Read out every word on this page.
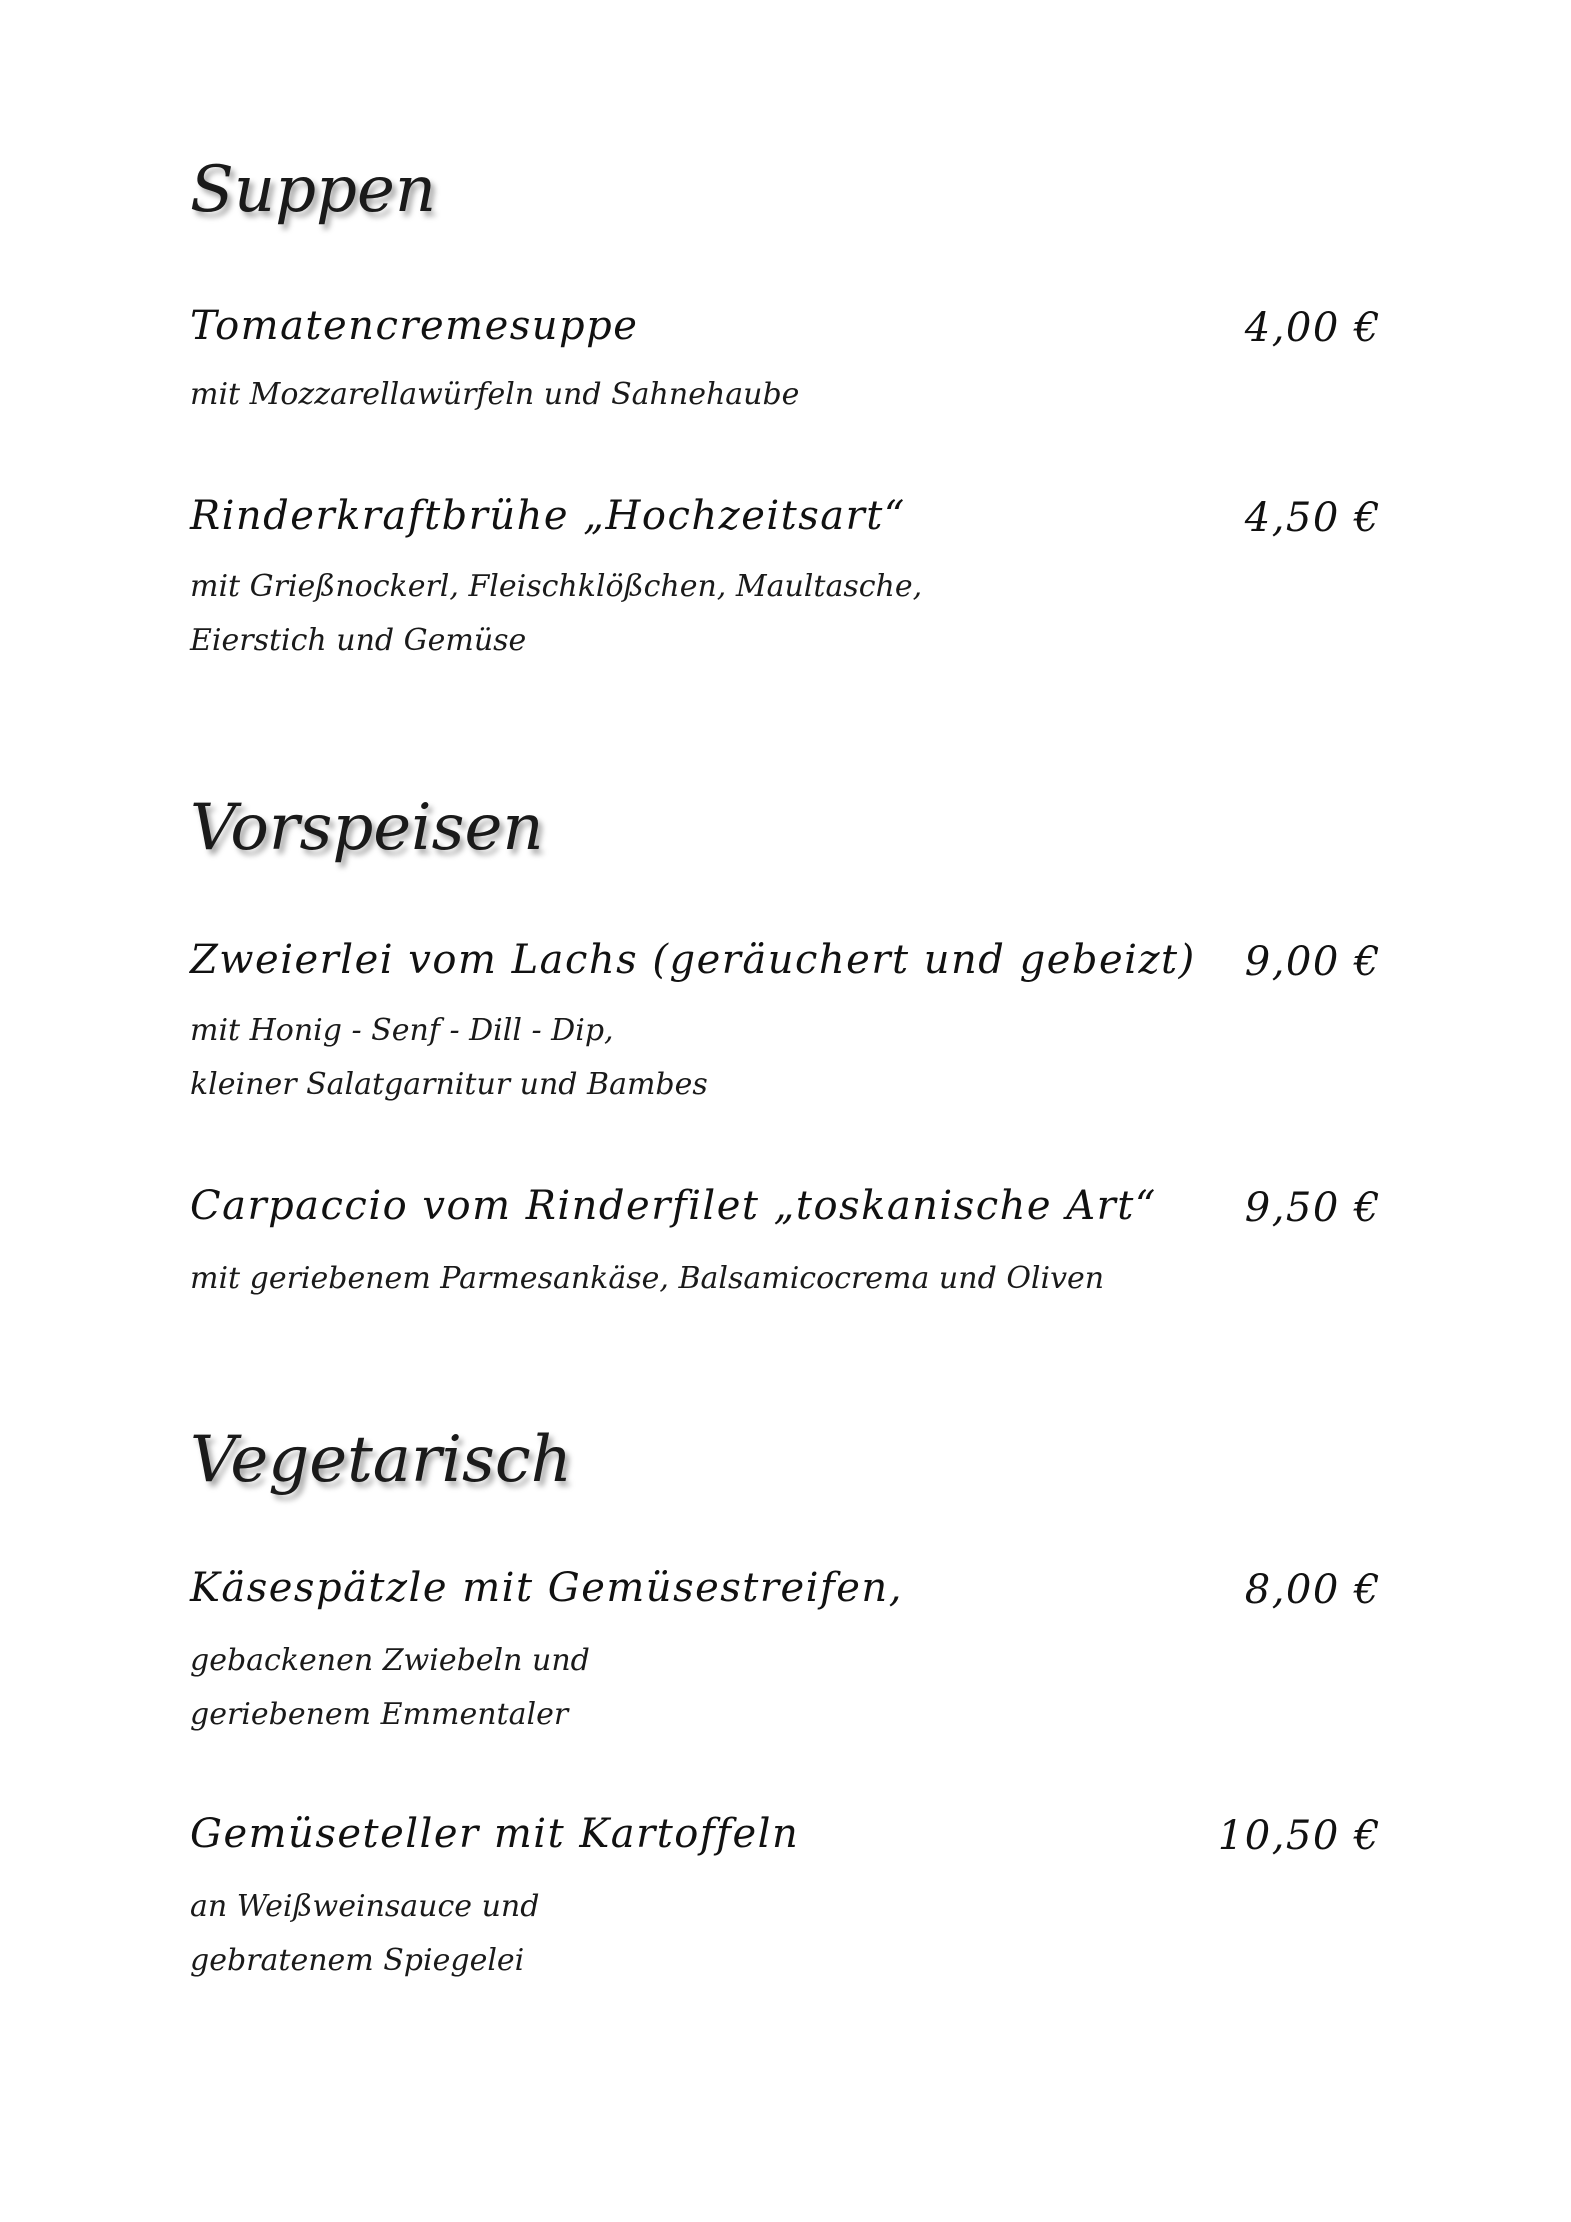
Suppen
Tomatencremesuppe	4,00 €
mit Mozzarellawürfeln und Sahnehaube
Rinderkraftbrühe „Hochzeitsart“	4,50 €
mit Grießnockerl, Fleischklößchen, Maultasche,
Eierstich und Gemüse
Vorspeisen
Zweierlei vom Lachs (geräuchert und gebeizt) 9,00 €
mit Honig - Senf - Dill - Dip,
kleiner Salatgarnitur und Bambes
Carpaccio vom Rinderfilet „toskanische Art“ 9,50 €
mit geriebenem Parmesankäse, Balsamicocrema und Oliven
Vegetarisch
Käsespätzle mit Gemüsestreifen,	8,00 €
gebackenen Zwiebeln und
geriebenem Emmentaler
Gemüseteller mit Kartoffeln	10,50 €
an Weißweinsauce und
gebratenem Spiegelei
